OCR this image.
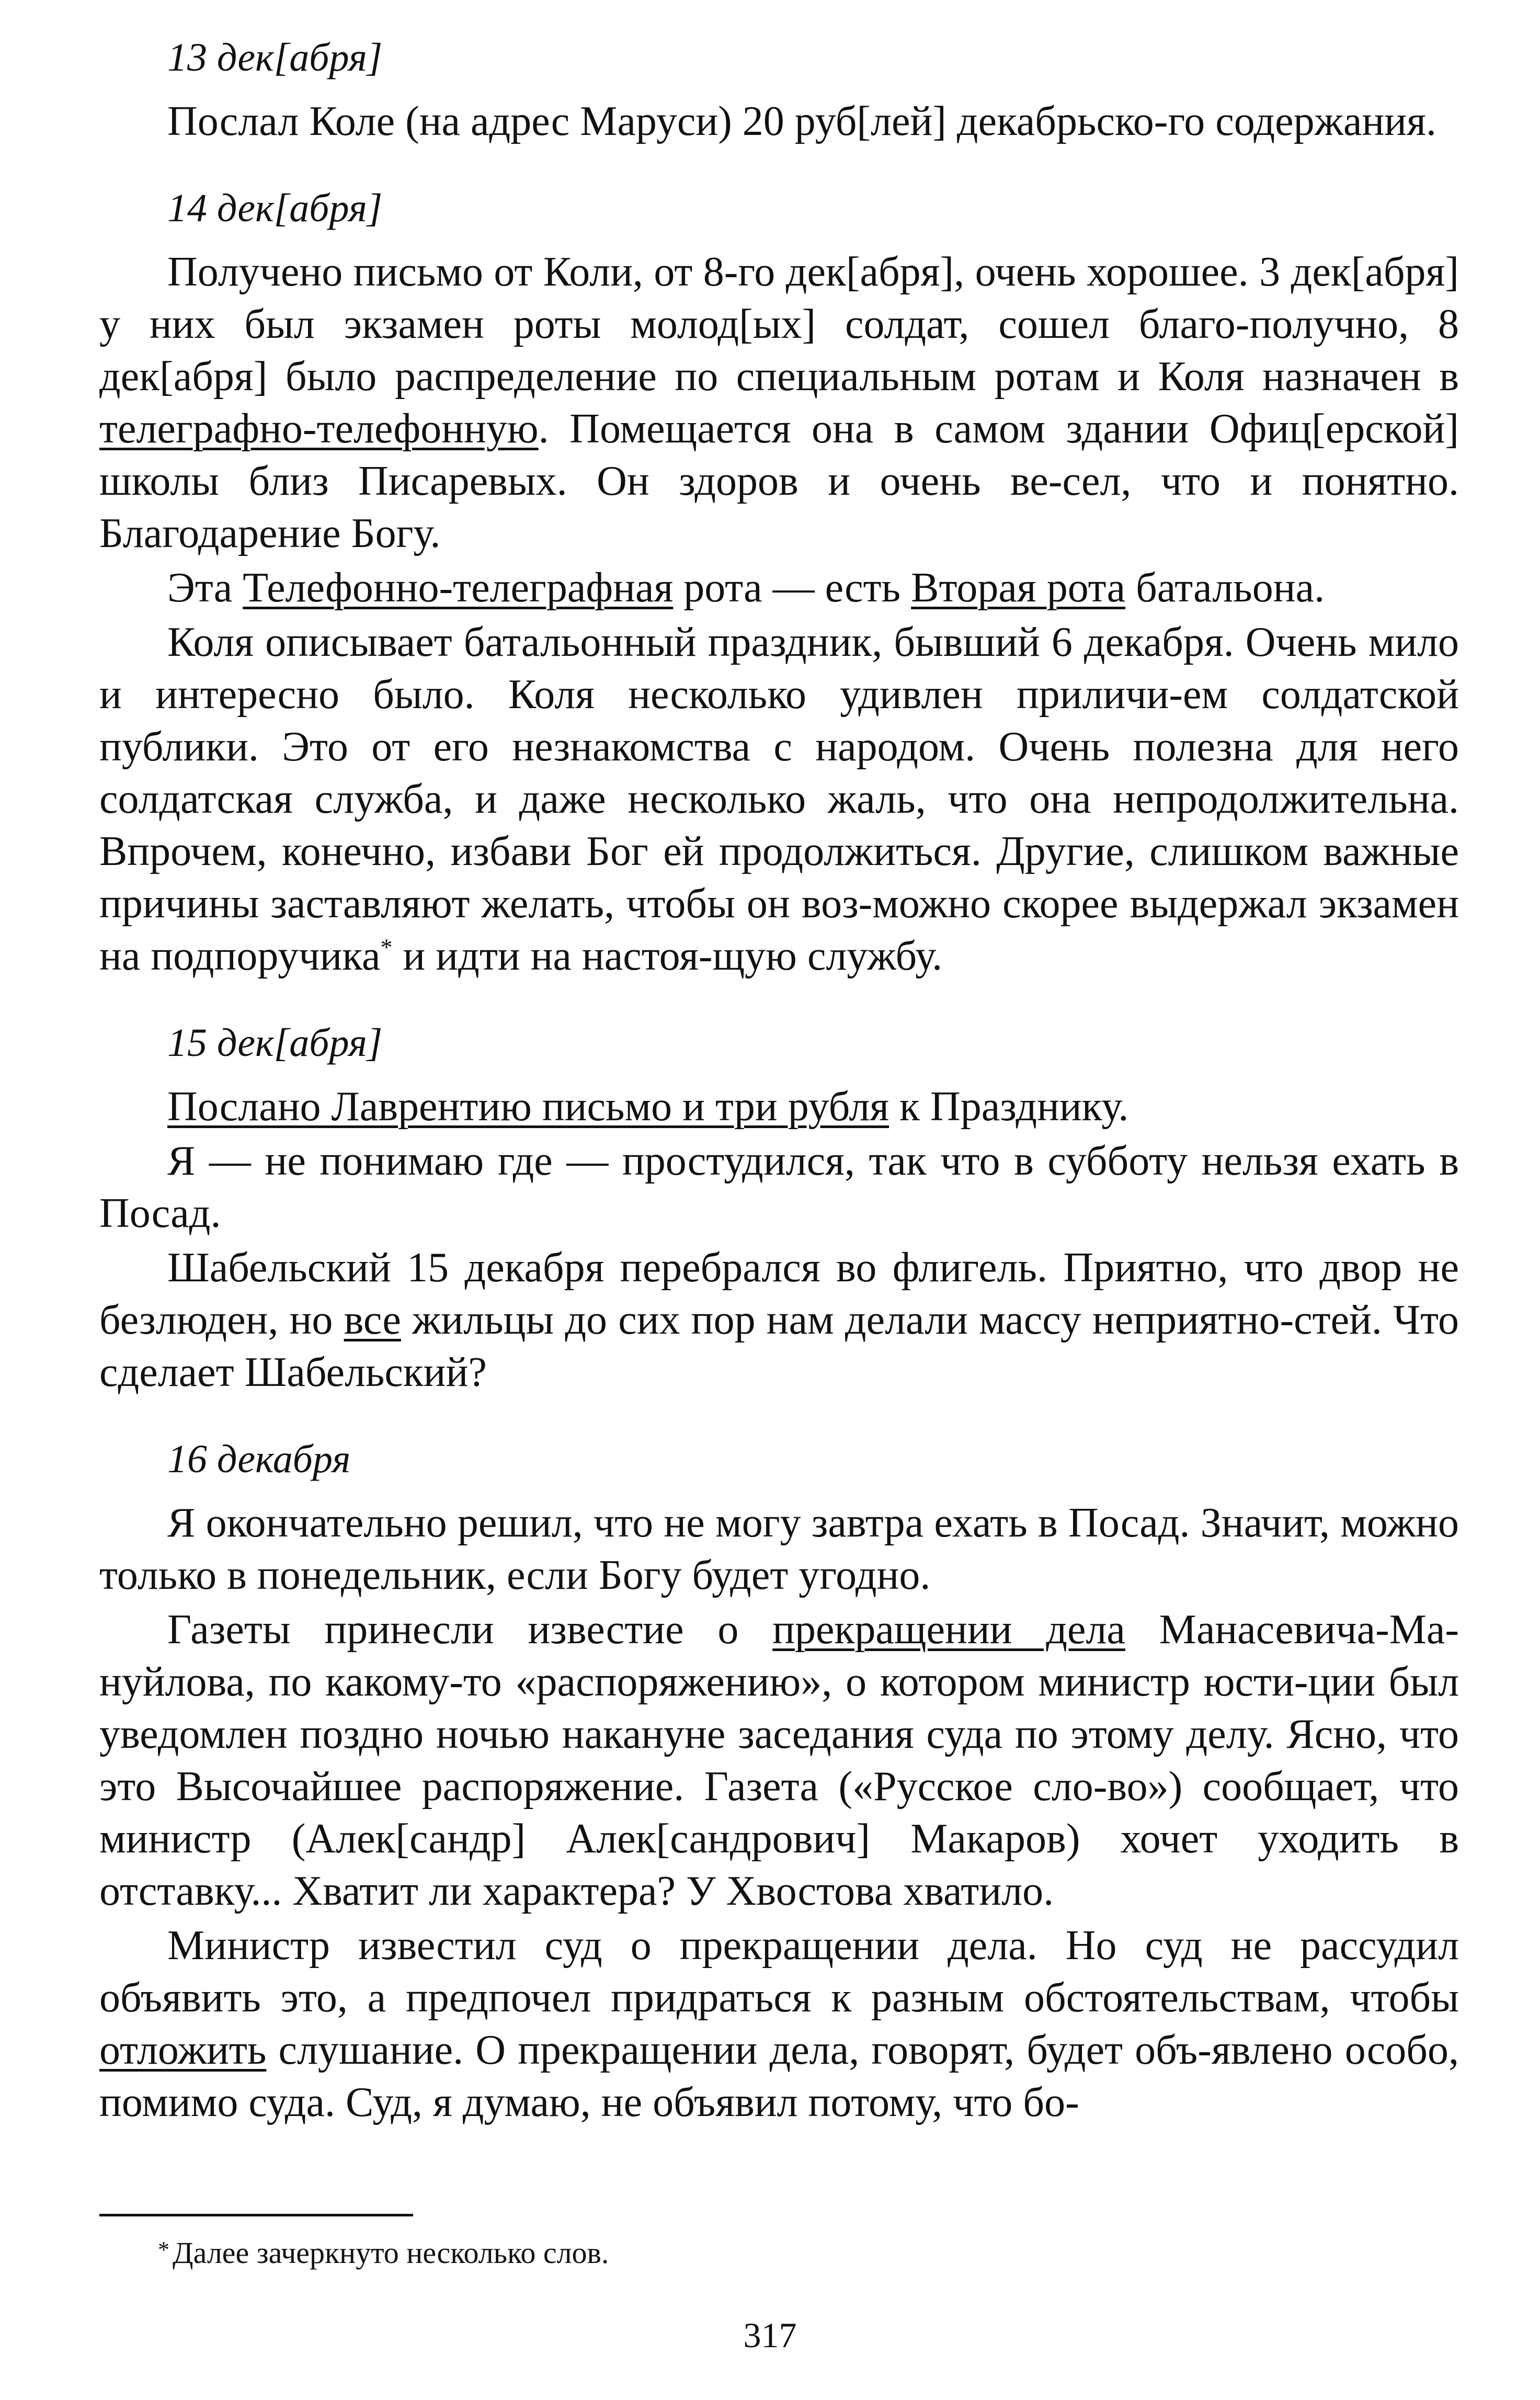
13 дек[абря]

Послал Коле (на адрес Маруси) 20 руб[лей] декабрьско-го содержания.

14 дек[абря]

Получено письмо от Коли, от 8-го дек[абря], очень хорошее. 3 дек[абря] у них был экзамен роты молод[ых] солдат, сошел благо-получно, 8 дек[абря] было распределение по специальным ротам и Коля назначен в телеграфно-телефонную. Помещается она в самом здании Офиц[ерской] школы близ Писаревых. Он здоров и очень ве-сел, что и понятно. Благодарение Богу.

Эта Телефонно-телеграфная рота — есть Вторая рота батальона.

Коля описывает батальонный праздник, бывший 6 декабря. Очень мило и интересно было. Коля несколько удивлен приличи-ем солдатской публики. Это от его незнакомства с народом. Очень полезна для него солдатская служба, и даже несколько жаль, что она непродолжительна. Впрочем, конечно, избави Бог ей продолжиться. Другие, слишком важные причины заставляют желать, чтобы он воз-можно скорее выдержал экзамен на подпоручика* и идти на настоя-щую службу.

15 дек[абря]

Послано Лаврентию письмо и три рубля к Празднику.

Я — не понимаю где — простудился, так что в субботу нельзя ехать в Посад.

Шабельский 15 декабря перебрался во флигель. Приятно, что двор не безлюден, но все жильцы до сих пор нам делали массу неприятно-стей. Что сделает Шабельский?

16 декабря

Я окончательно решил, что не могу завтра ехать в Посад. Значит, можно только в понедельник, если Богу будет угодно.

Газеты принесли известие о прекращении дела Манасевича-Ма-нуйлова, по какому-то «распоряжению», о котором министр юсти-ции был уведомлен поздно ночью накануне заседания суда по этому делу. Ясно, что это Высочайшее распоряжение. Газета («Русское сло-во») сообщает, что министр (Алек[сандр] Алек[сандрович] Макаров) хочет уходить в отставку... Хватит ли характера? У Хвостова хватило.

Министр известил суд о прекращении дела. Но суд не рассудил объявить это, а предпочел придраться к разным обстоятельствам, чтобы отложить слушание. О прекращении дела, говорят, будет объ-явлено особо, помимо суда. Суд, я думаю, не объявил потому, что бо-

* Далее зачеркнуто несколько слов.
317
